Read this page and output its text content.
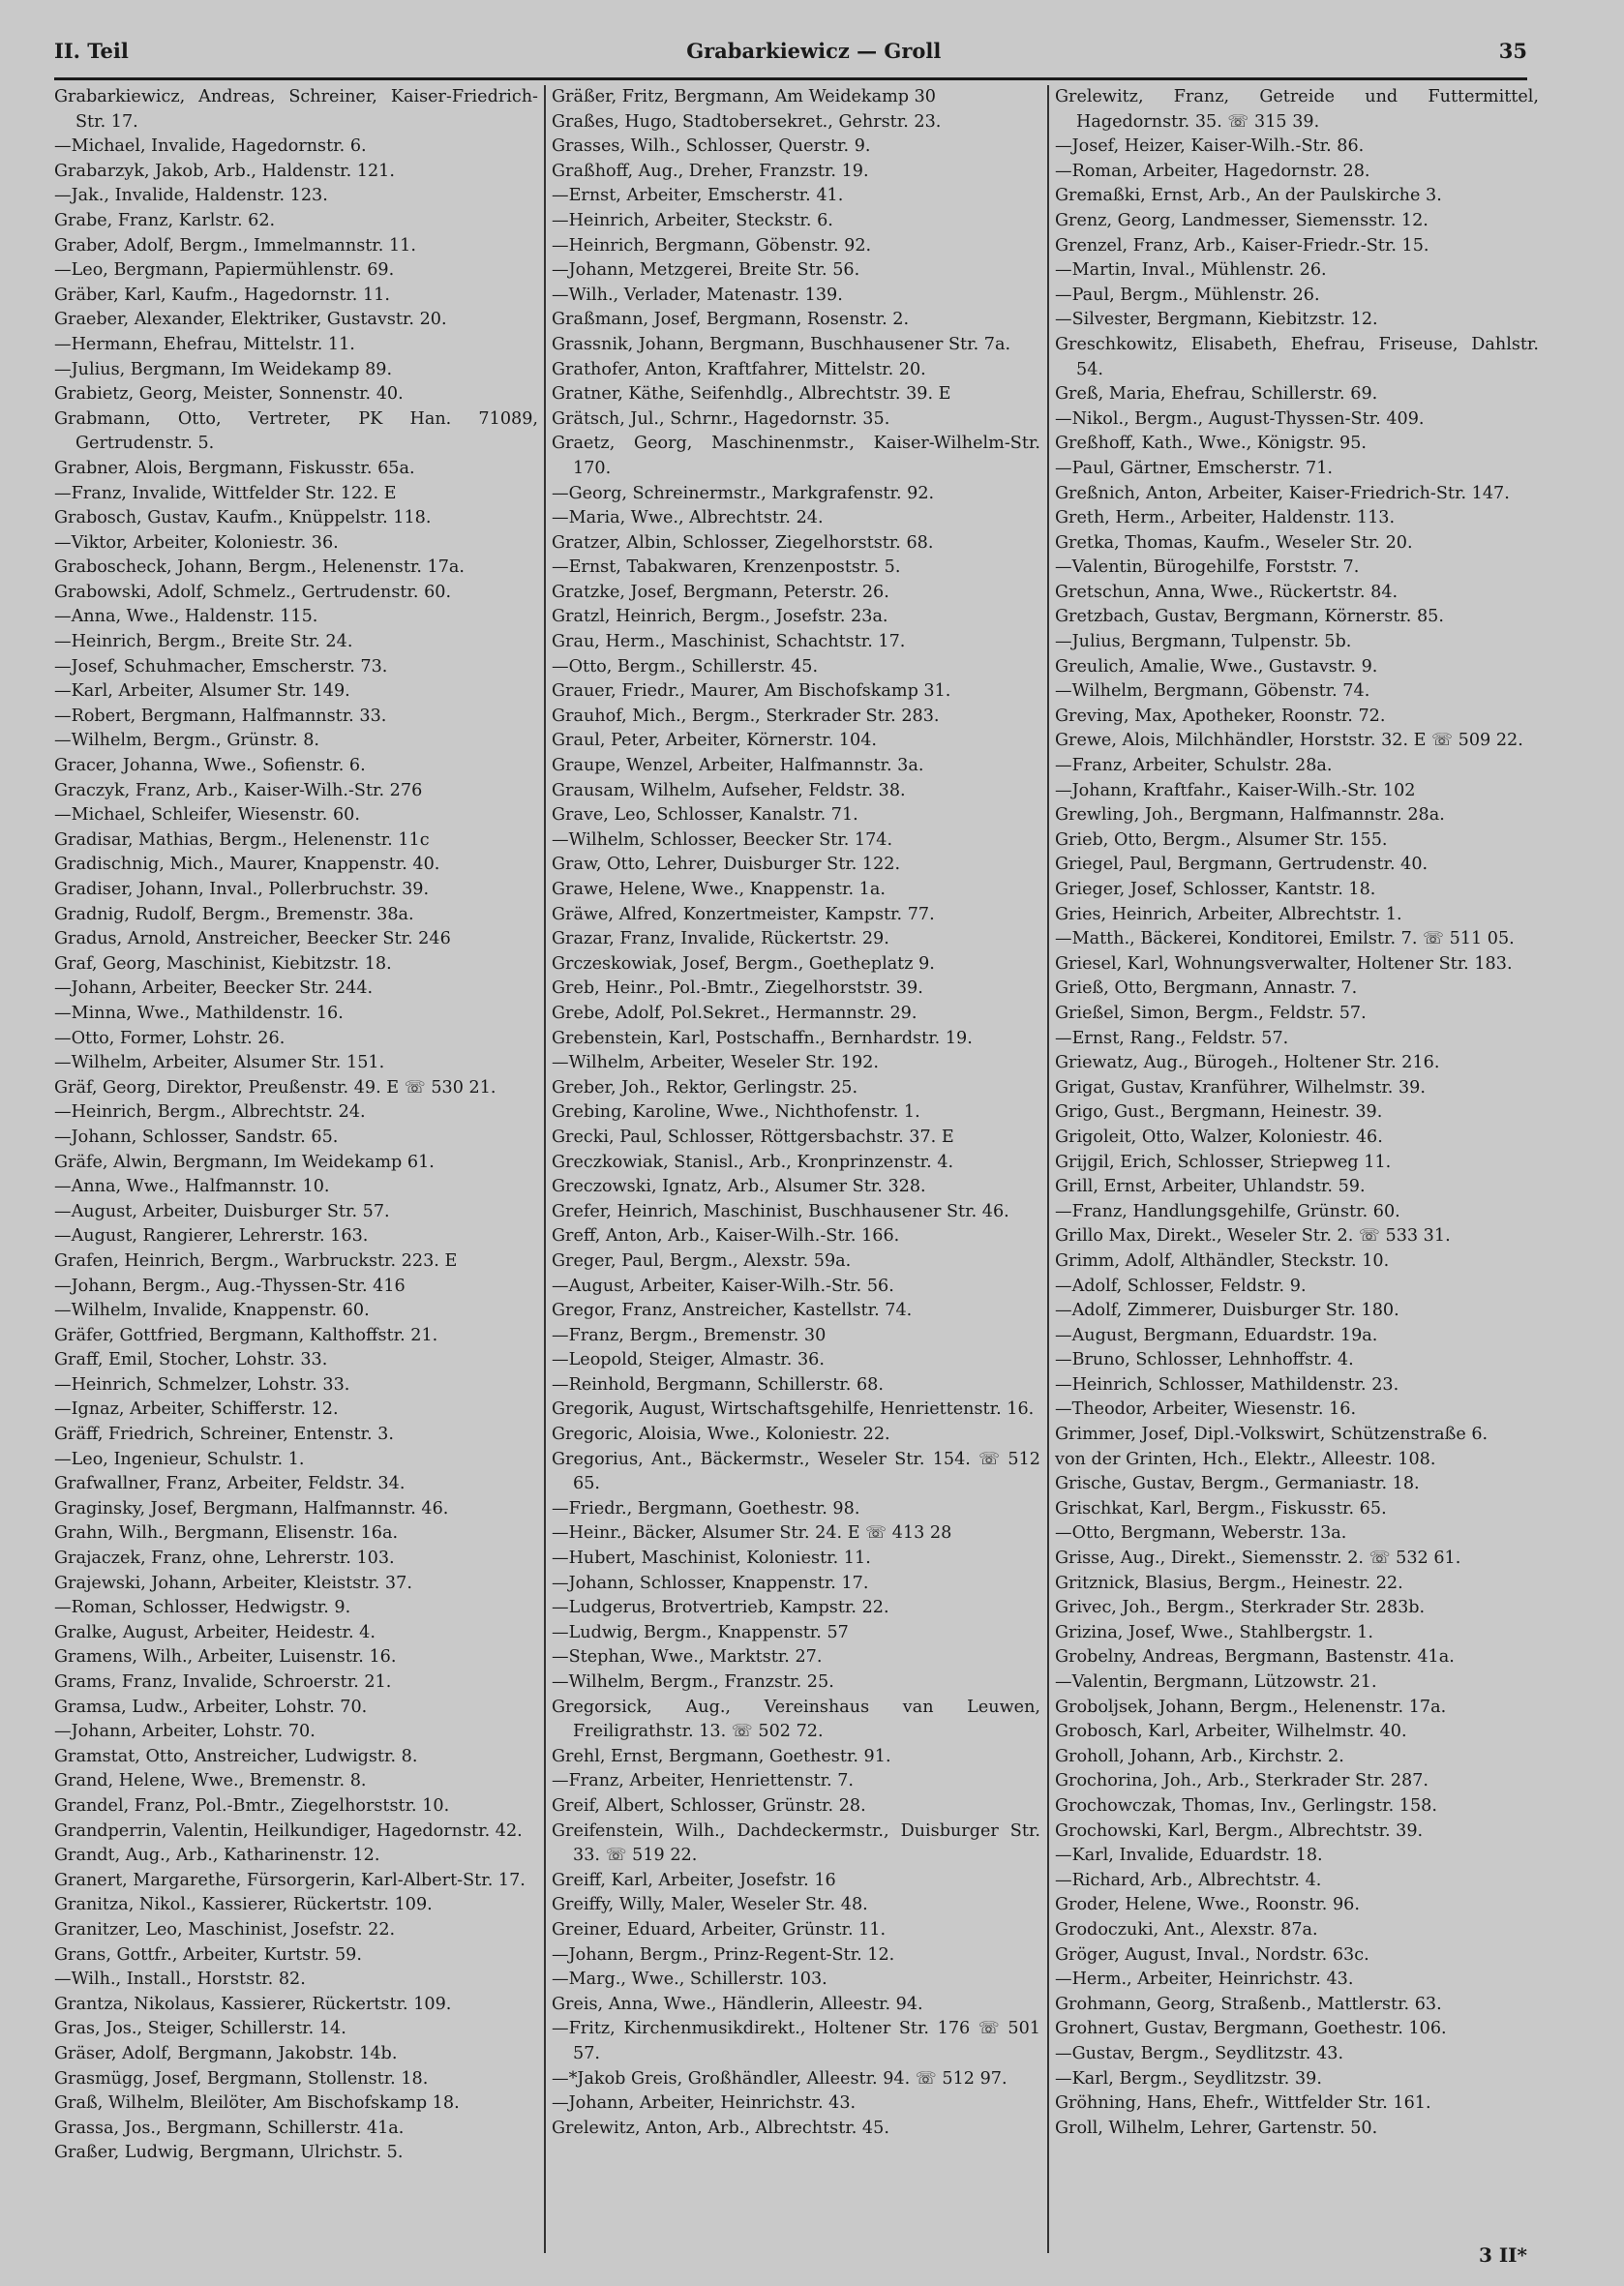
II. Teil	Grabarkiewicz — Groll	35

Grabarkiewicz, Andreas, Schreiner, Kaiser-Friedrich-Str. 17.

—Michael, Invalide, Hagedornstr. 6.

Grabarzyk, Jakob, Arb., Haldenstr. 121.

—Jak., Invalide, Haldenstr. 123.

Grabe, Franz, Karlstr. 62.

Graber, Adolf, Bergm., Immelmannstr. 11.

—Leo, Bergmann, Papiermühlenstr. 69.

Gräber, Karl, Kaufm., Hagedornstr. 11.

Graeber, Alexander, Elektriker, Gustavstr. 20.

—Hermann, Ehefrau, Mittelstr. 11.

—Julius, Bergmann, Im Weidekamp 89.

Grabietz, Georg, Meister, Sonnenstr. 40.

Grabmann, Otto, Vertreter, PK Han. 71089, Gertrudenstr. 5.

Grabner, Alois, Bergmann, Fiskusstr. 65a.

—Franz, Invalide, Wittfelder Str. 122. E

Grabosch, Gustav, Kaufm., Knüppelstr. 118.

—Viktor, Arbeiter, Koloniestr. 36.

Graboscheck, Johann, Bergm., Helenenstr. 17a.

Grabowski, Adolf, Schmelz., Gertrudenstr. 60.

—Anna, Wwe., Haldenstr. 115.

—Heinrich, Bergm., Breite Str. 24.

—Josef, Schuhmacher, Emscherstr. 73.

—Karl, Arbeiter, Alsumer Str. 149.

—Robert, Bergmann, Halfmannstr. 33.

—Wilhelm, Bergm., Grünstr. 8.

Gracer, Johanna, Wwe., Sofienstr. 6.

Graczyk, Franz, Arb., Kaiser-Wilh.-Str. 276

—Michael, Schleifer, Wiesenstr. 60.

Gradisar, Mathias, Bergm., Helenenstr. 11c

Gradischnig, Mich., Maurer, Knappenstr. 40.

Gradiser, Johann, Inval., Pollerbruchstr. 39.

Gradnig, Rudolf, Bergm., Bremenstr. 38a.

Gradus, Arnold, Anstreicher, Beecker Str. 246

Graf, Georg, Maschinist, Kiebitzstr. 18.

—Johann, Arbeiter, Beecker Str. 244.

—Minna, Wwe., Mathildenstr. 16.

—Otto, Former, Lohstr. 26.

—Wilhelm, Arbeiter, Alsumer Str. 151.

Gräf, Georg, Direktor, Preußenstr. 49. E ☏ 530 21.

—Heinrich, Bergm., Albrechtstr. 24.

—Johann, Schlosser, Sandstr. 65.

Gräfe, Alwin, Bergmann, Im Weidekamp 61.

—Anna, Wwe., Halfmannstr. 10.

—August, Arbeiter, Duisburger Str. 57.

—August, Rangierer, Lehrerstr. 163.

Grafen, Heinrich, Bergm., Warbruckstr. 223. E

—Johann, Bergm., Aug.-Thyssen-Str. 416

—Wilhelm, Invalide, Knappenstr. 60.

Gräfer, Gottfried, Bergmann, Kalthoffstr. 21.

Graff, Emil, Stocher, Lohstr. 33.

—Heinrich, Schmelzer, Lohstr. 33.

—Ignaz, Arbeiter, Schifferstr. 12.

Gräff, Friedrich, Schreiner, Entenstr. 3.

—Leo, Ingenieur, Schulstr. 1.

Grafwallner, Franz, Arbeiter, Feldstr. 34.

Graginsky, Josef, Bergmann, Halfmannstr. 46.

Grahn, Wilh., Bergmann, Elisenstr. 16a.

Grajaczek, Franz, ohne, Lehrerstr. 103.

Grajewski, Johann, Arbeiter, Kleiststr. 37.

—Roman, Schlosser, Hedwigstr. 9.

Gralke, August, Arbeiter, Heidestr. 4.

Gramens, Wilh., Arbeiter, Luisenstr. 16.

Grams, Franz, Invalide, Schroerstr. 21.

Gramsa, Ludw., Arbeiter, Lohstr. 70.

—Johann, Arbeiter, Lohstr. 70.

Gramstat, Otto, Anstreicher, Ludwigstr. 8.

Grand, Helene, Wwe., Bremenstr. 8.

Grandel, Franz, Pol.-Bmtr., Ziegelhorststr. 10.

Grandperrin, Valentin, Heilkundiger, Hagedornstr. 42.

Grandt, Aug., Arb., Katharinenstr. 12.

Granert, Margarethe, Fürsorgerin, Karl-Albert-Str. 17.

Granitza, Nikol., Kassierer, Rückertstr. 109.

Granitzer, Leo, Maschinist, Josefstr. 22.

Grans, Gottfr., Arbeiter, Kurtstr. 59.

—Wilh., Install., Horststr. 82.

Grantza, Nikolaus, Kassierer, Rückertstr. 109.

Gras, Jos., Steiger, Schillerstr. 14.

Gräser, Adolf, Bergmann, Jakobstr. 14b.

Grasmügg, Josef, Bergmann, Stollenstr. 18.

Graß, Wilhelm, Bleilöter, Am Bischofskamp 18.

Grassa, Jos., Bergmann, Schillerstr. 41a.

Graßer, Ludwig, Bergmann, Ulrichstr. 5.

Gräßer, Fritz, Bergmann, Am Weidekamp 30

Graßes, Hugo, Stadtobersekret., Gehrstr. 23.

Grasses, Wilh., Schlosser, Querstr. 9.

Graßhoff, Aug., Dreher, Franzstr. 19.

—Ernst, Arbeiter, Emscherstr. 41.

—Heinrich, Arbeiter, Steckstr. 6.

—Heinrich, Bergmann, Göbenstr. 92.

—Johann, Metzgerei, Breite Str. 56.

—Wilh., Verlader, Matenastr. 139.

Graßmann, Josef, Bergmann, Rosenstr. 2.

Grassnik, Johann, Bergmann, Buschhausener Str. 7a.

Grathofer, Anton, Kraftfahrer, Mittelstr. 20.

Gratner, Käthe, Seifenhdlg., Albrechtstr. 39. E

Grätsch, Jul., Schrnr., Hagedornstr. 35.

Graetz, Georg, Maschinenmstr., Kaiser-Wilhelm-Str. 170.

—Georg, Schreinermstr., Markgrafenstr. 92.

—Maria, Wwe., Albrechtstr. 24.

Gratzer, Albin, Schlosser, Ziegelhorststr. 68.

—Ernst, Tabakwaren, Krenzenpoststr. 5.

Gratzke, Josef, Bergmann, Peterstr. 26.

Gratzl, Heinrich, Bergm., Josefstr. 23a.

Grau, Herm., Maschinist, Schachtstr. 17.

—Otto, Bergm., Schillerstr. 45.

Grauer, Friedr., Maurer, Am Bischofskamp 31.

Grauhof, Mich., Bergm., Sterkrader Str. 283.

Graul, Peter, Arbeiter, Körnerstr. 104.

Graupe, Wenzel, Arbeiter, Halfmannstr. 3a.

Grausam, Wilhelm, Aufseher, Feldstr. 38.

Grave, Leo, Schlosser, Kanalstr. 71.

—Wilhelm, Schlosser, Beecker Str. 174.

Graw, Otto, Lehrer, Duisburger Str. 122.

Grawe, Helene, Wwe., Knappenstr. 1a.

Gräwe, Alfred, Konzertmeister, Kampstr. 77.

Grazar, Franz, Invalide, Rückertstr. 29.

Grczeskowiak, Josef, Bergm., Goetheplatz 9.

Greb, Heinr., Pol.-Bmtr., Ziegelhorststr. 39.

Grebe, Adolf, Pol.Sekret., Hermannstr. 29.

Grebenstein, Karl, Postschaffn., Bernhardstr. 19.

—Wilhelm, Arbeiter, Weseler Str. 192.

Greber, Joh., Rektor, Gerlingstr. 25.

Grebing, Karoline, Wwe., Nichthofenstr. 1.

Grecki, Paul, Schlosser, Röttgersbachstr. 37. E

Greczkowiak, Stanisl., Arb., Kronprinzenstr. 4.

Greczowski, Ignatz, Arb., Alsumer Str. 328.

Grefer, Heinrich, Maschinist, Buschhausener Str. 46.

Greff, Anton, Arb., Kaiser-Wilh.-Str. 166.

Greger, Paul, Bergm., Alexstr. 59a.

—August, Arbeiter, Kaiser-Wilh.-Str. 56.

Gregor, Franz, Anstreicher, Kastellstr. 74.

—Franz, Bergm., Bremenstr. 30

—Leopold, Steiger, Almastr. 36.

—Reinhold, Bergmann, Schillerstr. 68.

Gregorik, August, Wirtschaftsgehilfe, Henriettenstr. 16.

Gregoric, Aloisia, Wwe., Koloniestr. 22.

Gregorius, Ant., Bäckermstr., Weseler Str. 154. ☏ 512 65.

—Friedr., Bergmann, Goethestr. 98.

—Heinr., Bäcker, Alsumer Str. 24. E ☏ 413 28

—Hubert, Maschinist, Koloniestr. 11.

—Johann, Schlosser, Knappenstr. 17.

—Ludgerus, Brotvertrieb, Kampstr. 22.

—Ludwig, Bergm., Knappenstr. 57

—Stephan, Wwe., Marktstr. 27.

—Wilhelm, Bergm., Franzstr. 25.

Gregorsick, Aug., Vereinshaus van Leuwen, Freiligrathstr. 13. ☏ 502 72.

Grehl, Ernst, Bergmann, Goethestr. 91.

—Franz, Arbeiter, Henriettenstr. 7.

Greif, Albert, Schlosser, Grünstr. 28.

Greifenstein, Wilh., Dachdeckermstr., Duisburger Str. 33. ☏ 519 22.

Greiff, Karl, Arbeiter, Josefstr. 16

Greiffy, Willy, Maler, Weseler Str. 48.

Greiner, Eduard, Arbeiter, Grünstr. 11.

—Johann, Bergm., Prinz-Regent-Str. 12.

—Marg., Wwe., Schillerstr. 103.

Greis, Anna, Wwe., Händlerin, Alleestr. 94.

—Fritz, Kirchenmusikdirekt., Holtener Str. 176 ☏ 501 57.

—*Jakob Greis, Großhändler, Alleestr. 94. ☏ 512 97.

—Johann, Arbeiter, Heinrichstr. 43.

Grelewitz, Anton, Arb., Albrechtstr. 45.

Grelewitz, Franz, Getreide und Futtermittel, Hagedornstr. 35. ☏ 315 39.

—Josef, Heizer, Kaiser-Wilh.-Str. 86.

—Roman, Arbeiter, Hagedornstr. 28.

Gremaßki, Ernst, Arb., An der Paulskirche 3.

Grenz, Georg, Landmesser, Siemensstr. 12.

Grenzel, Franz, Arb., Kaiser-Friedr.-Str. 15.

—Martin, Inval., Mühlenstr. 26.

—Paul, Bergm., Mühlenstr. 26.

—Silvester, Bergmann, Kiebitzstr. 12.

Greschkowitz, Elisabeth, Ehefrau, Friseuse, Dahlstr. 54.

Greß, Maria, Ehefrau, Schillerstr. 69.

—Nikol., Bergm., August-Thyssen-Str. 409.

Greßhoff, Kath., Wwe., Königstr. 95.

—Paul, Gärtner, Emscherstr. 71.

Greßnich, Anton, Arbeiter, Kaiser-Friedrich-Str. 147.

Greth, Herm., Arbeiter, Haldenstr. 113.

Gretka, Thomas, Kaufm., Weseler Str. 20.

—Valentin, Bürogehilfe, Forststr. 7.

Gretschun, Anna, Wwe., Rückertstr. 84.

Gretzbach, Gustav, Bergmann, Körnerstr. 85.

—Julius, Bergmann, Tulpenstr. 5b.

Greulich, Amalie, Wwe., Gustavstr. 9.

—Wilhelm, Bergmann, Göbenstr. 74.

Greving, Max, Apotheker, Roonstr. 72.

Grewe, Alois, Milchhändler, Horststr. 32. E ☏ 509 22.

—Franz, Arbeiter, Schulstr. 28a.

—Johann, Kraftfahr., Kaiser-Wilh.-Str. 102

Grewling, Joh., Bergmann, Halfmannstr. 28a.

Grieb, Otto, Bergm., Alsumer Str. 155.

Griegel, Paul, Bergmann, Gertrudenstr. 40.

Grieger, Josef, Schlosser, Kantstr. 18.

Gries, Heinrich, Arbeiter, Albrechtstr. 1.

—Matth., Bäckerei, Konditorei, Emilstr. 7. ☏ 511 05.

Griesel, Karl, Wohnungsverwalter, Holtener Str. 183.

Grieß, Otto, Bergmann, Annastr. 7.

Grießel, Simon, Bergm., Feldstr. 57.

—Ernst, Rang., Feldstr. 57.

Griewatz, Aug., Bürogeh., Holtener Str. 216.

Grigat, Gustav, Kranführer, Wilhelmstr. 39.

Grigo, Gust., Bergmann, Heinestr. 39.

Grigoleit, Otto, Walzer, Koloniestr. 46.

Grijgil, Erich, Schlosser, Striepweg 11.

Grill, Ernst, Arbeiter, Uhlandstr. 59.

—Franz, Handlungsgehilfe, Grünstr. 60.

Grillo Max, Direkt., Weseler Str. 2. ☏ 533 31.

Grimm, Adolf, Althändler, Steckstr. 10.

—Adolf, Schlosser, Feldstr. 9.

—Adolf, Zimmerer, Duisburger Str. 180.

—August, Bergmann, Eduardstr. 19a.

—Bruno, Schlosser, Lehnhoffstr. 4.

—Heinrich, Schlosser, Mathildenstr. 23.

—Theodor, Arbeiter, Wiesenstr. 16.

Grimmer, Josef, Dipl.-Volkswirt, Schützenstraße 6.

von der Grinten, Hch., Elektr., Alleestr. 108.

Grische, Gustav, Bergm., Germaniastr. 18.

Grischkat, Karl, Bergm., Fiskusstr. 65.

—Otto, Bergmann, Weberstr. 13a.

Grisse, Aug., Direkt., Siemensstr. 2. ☏ 532 61.

Gritznick, Blasius, Bergm., Heinestr. 22.

Grivec, Joh., Bergm., Sterkrader Str. 283b.

Grizina, Josef, Wwe., Stahlbergstr. 1.

Grobelny, Andreas, Bergmann, Bastenstr. 41a.

—Valentin, Bergmann, Lützowstr. 21.

Groboljsek, Johann, Bergm., Helenenstr. 17a.

Grobosch, Karl, Arbeiter, Wilhelmstr. 40.

Groholl, Johann, Arb., Kirchstr. 2.

Grochorina, Joh., Arb., Sterkrader Str. 287.

Grochowczak, Thomas, Inv., Gerlingstr. 158.

Grochowski, Karl, Bergm., Albrechtstr. 39.

—Karl, Invalide, Eduardstr. 18.

—Richard, Arb., Albrechtstr. 4.

Groder, Helene, Wwe., Roonstr. 96.

Grodoczuki, Ant., Alexstr. 87a.

Gröger, August, Inval., Nordstr. 63c.

—Herm., Arbeiter, Heinrichstr. 43.

Grohmann, Georg, Straßenb., Mattlerstr. 63.

Grohnert, Gustav, Bergmann, Goethestr. 106.

—Gustav, Bergm., Seydlitzstr. 43.

—Karl, Bergm., Seydlitzstr. 39.

Gröhning, Hans, Ehefr., Wittfelder Str. 161.

Groll, Wilhelm, Lehrer, Gartenstr. 50.

3 II*
